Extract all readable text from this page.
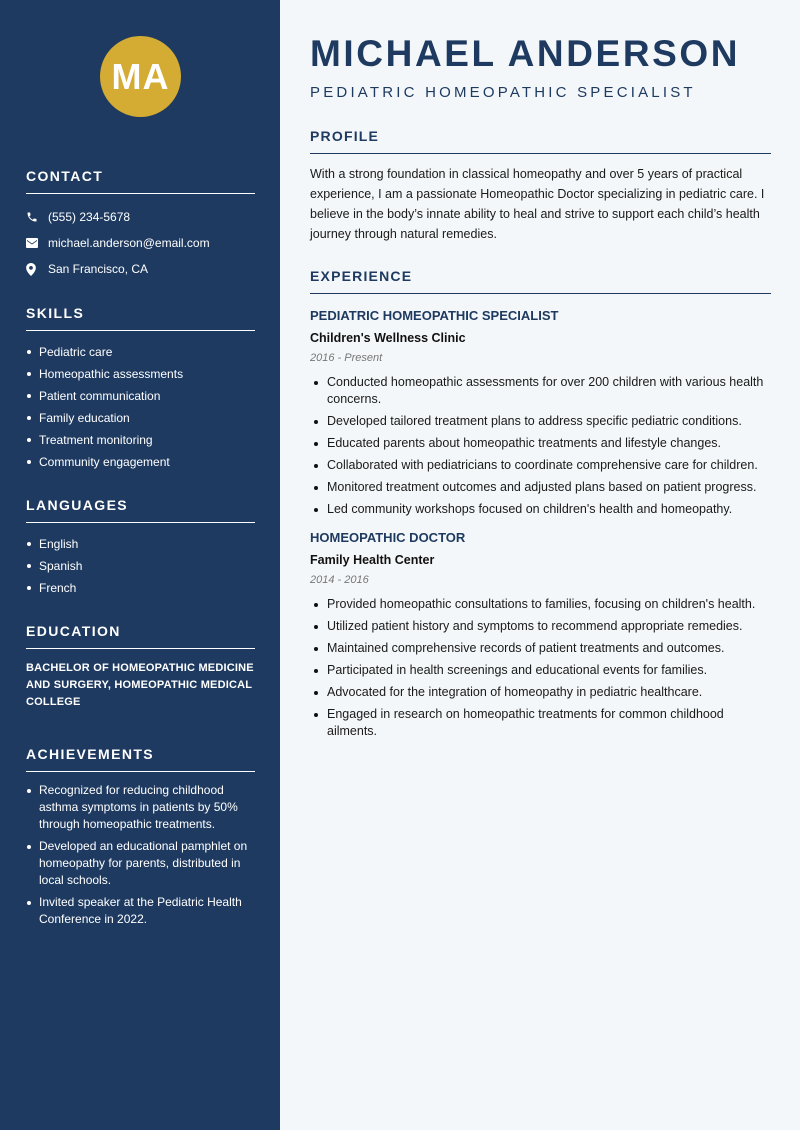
MA
CONTACT
(555) 234-5678
michael.anderson@email.com
San Francisco, CA
SKILLS
Pediatric care
Homeopathic assessments
Patient communication
Family education
Treatment monitoring
Community engagement
LANGUAGES
English
Spanish
French
EDUCATION

BACHELOR OF HOMEOPATHIC MEDICINE AND SURGERY, HOMEOPATHIC MEDICAL COLLEGE

ACHIEVEMENTS
Recognized for reducing childhood asthma symptoms in patients by 50% through homeopathic treatments.
Developed an educational pamphlet on homeopathy for parents, distributed in local schools.
Invited speaker at the Pediatric Health Conference in 2022.
MICHAEL ANDERSON
PEDIATRIC HOMEOPATHIC SPECIALIST
PROFILE

With a strong foundation in classical homeopathy and over 5 years of practical experience, I am a passionate Homeopathic Doctor specializing in pediatric care. I believe in the body’s innate ability to heal and strive to support each child’s health journey through natural remedies.

EXPERIENCE
PEDIATRIC HOMEOPATHIC SPECIALIST
Children's Wellness Clinic
2016 - Present
Conducted homeopathic assessments for over 200 children with various health concerns.
Developed tailored treatment plans to address specific pediatric conditions.
Educated parents about homeopathic treatments and lifestyle changes.
Collaborated with pediatricians to coordinate comprehensive care for children.
Monitored treatment outcomes and adjusted plans based on patient progress.
Led community workshops focused on children's health and homeopathy.
HOMEOPATHIC DOCTOR
Family Health Center
2014 - 2016
Provided homeopathic consultations to families, focusing on children's health.
Utilized patient history and symptoms to recommend appropriate remedies.
Maintained comprehensive records of patient treatments and outcomes.
Participated in health screenings and educational events for families.
Advocated for the integration of homeopathy in pediatric healthcare.
Engaged in research on homeopathic treatments for common childhood ailments.
